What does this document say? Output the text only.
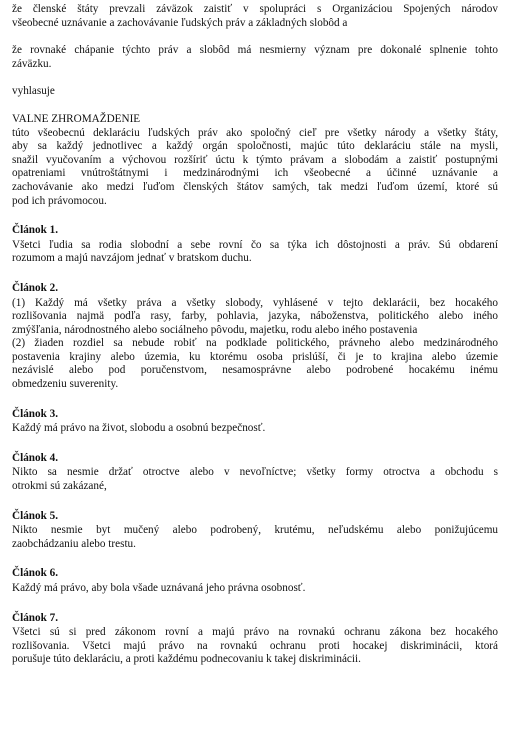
že členské štáty prevzali záväzok zaistiť v spolupráci s Organizáciou Spojených národov
všeobecné uznávanie a zachovávanie ľudských práv a základných slobôd a

že rovnaké chápanie týchto práv a slobôd má nesmierny význam pre dokonalé splnenie tohto
záväzku.

vyhlasuje

VALNE ZHROMAŽDENIE

túto všeobecnú deklaráciu ľudských práv ako spoločný cieľ pre všetky národy a všetky štáty,
aby sa každý jednotlivec a každý orgán spoločnosti, majúc túto deklaráciu stále na mysli,
snažil vyučovaním a výchovou rozšíriť úctu k týmto právam a slobodám a zaistiť postupnými
opatreniami vnútroštátnymi i medzinárodnými ich všeobecné a účinné uznávanie a
zachovávanie ako medzi ľuďom členských štátov samých, tak medzi ľuďom území, ktoré sú
pod ich právomocou.

Článok 1.

Všetci ľudia sa rodia slobodní a sebe rovní čo sa týka ich dôstojnosti a práv. Sú obdarení
rozumom a majú navzájom jednať v bratskom duchu.

Článok 2.

(1) Každý má všetky práva a všetky slobody, vyhlásené v tejto deklarácii, bez hocakého
rozlišovania najmä podľa rasy, farby, pohlavia, jazyka, náboženstva, politického alebo iného
zmýšľania, národnostného alebo sociálneho pôvodu, majetku, rodu alebo iného postavenia
(2) žiaden rozdiel sa nebude robiť na podklade politického, právneho alebo medzinárodného
postavenia krajiny alebo územia, ku ktorému osoba prislúší, či je to krajina alebo územie
nezávislé alebo pod poručenstvom, nesamosprávne alebo podrobené hocakému inému
obmedzeniu suverenity.

Článok 3.

Každý má právo na život, slobodu a osobnú bezpečnosť.

Článok 4.

Nikto sa nesmie držať otroctve alebo v nevoľníctve; všetky formy otroctva a obchodu s
otrokmi sú zakázané,

Článok 5.

Nikto nesmie byt mučený alebo podrobený, krutému, neľudskému alebo ponižujúcemu
zaobchádzaniu alebo trestu.

Článok 6.

Každý má právo, aby bola všade uznávaná jeho právna osobnosť.

Článok 7.

Všetci sú si pred zákonom rovní a majú právo na rovnakú ochranu zákona bez hocakého
rozlišovania. Všetci majú právo na rovnakú ochranu proti hocakej diskriminácii, ktorá
porušuje túto deklaráciu, a proti každému podnecovaniu k takej diskriminácii.
